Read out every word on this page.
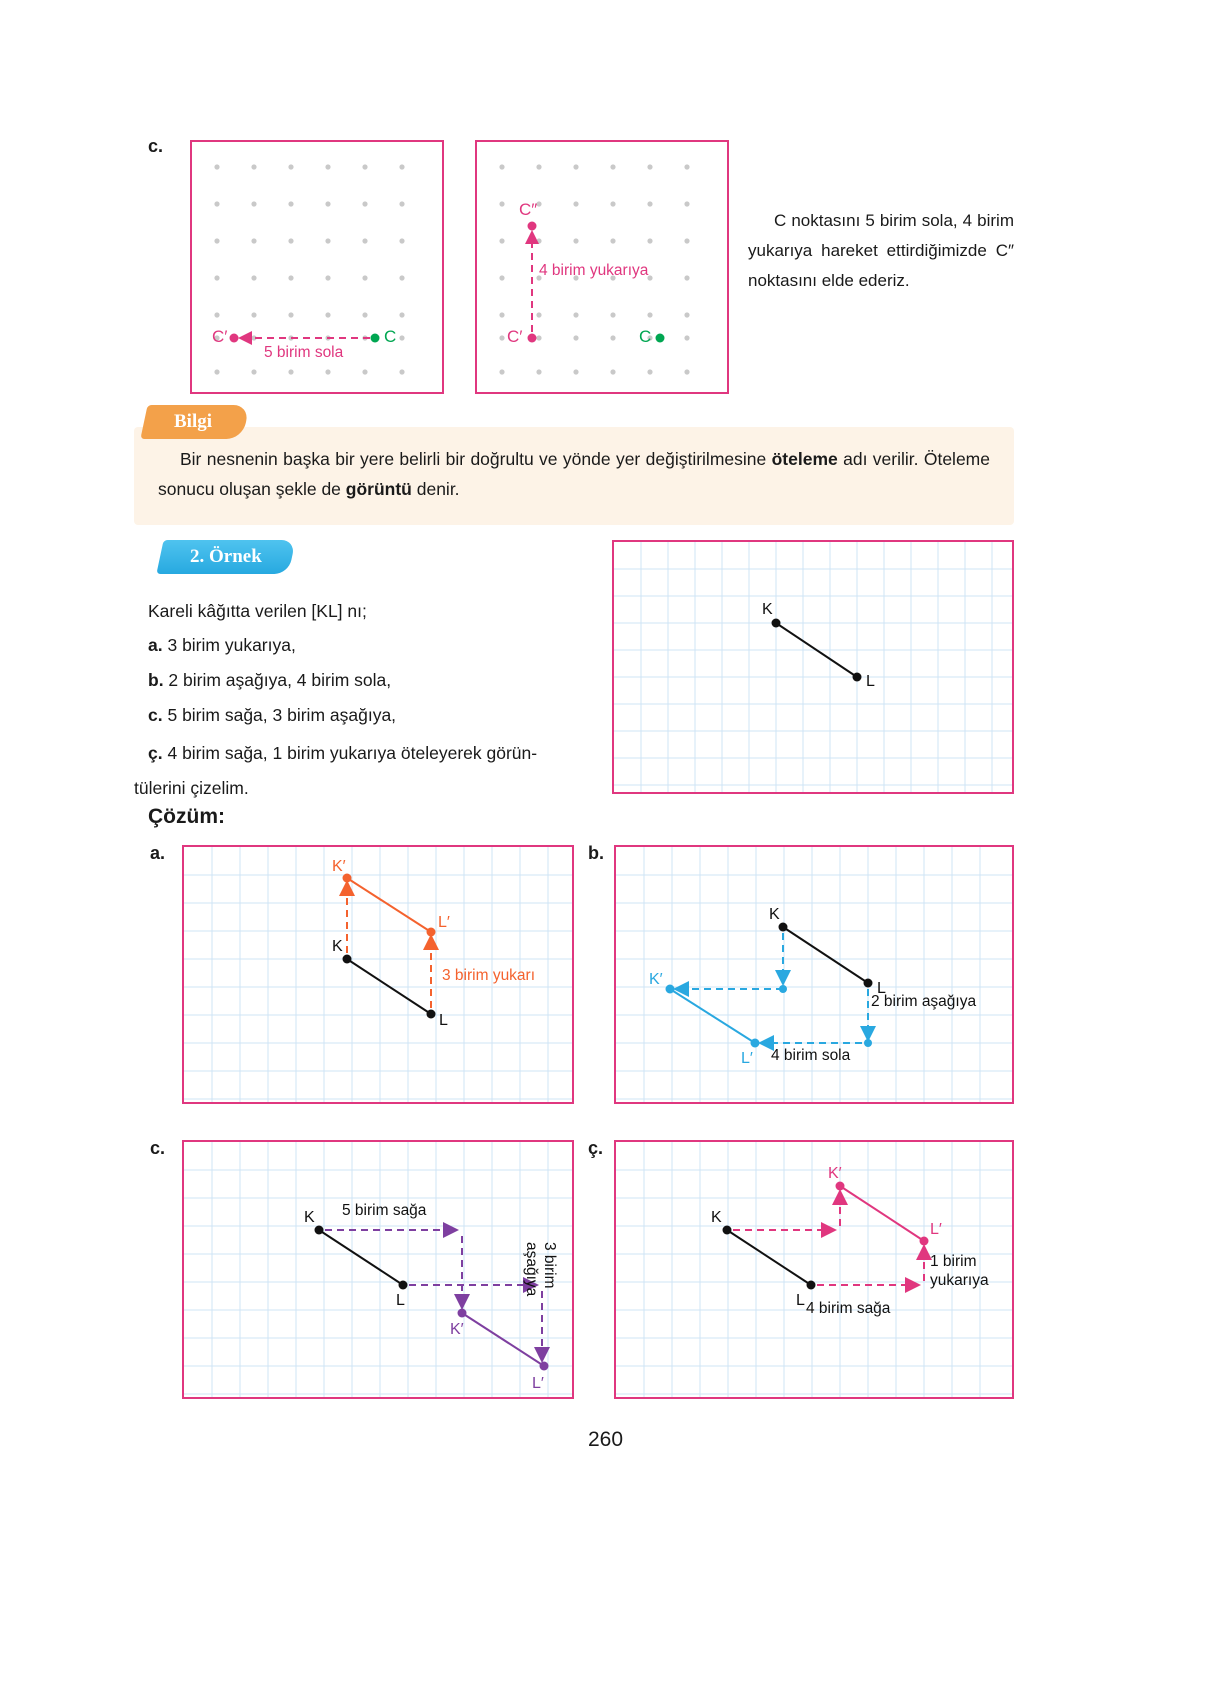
c.
C′	C
5 birim sola
C″
C′	C
4 birim yukarıya
C noktasını 5 birim sola, 4 birim yukarıya hareket ettirdiğimizde C″ noktasını elde ederiz.
Bilgi
Bir nesnenin başka bir yere belirli bir doğrultu ve yönde yer değiştirilmesine öteleme adı verilir. Öteleme sonucu oluşan şekle de görüntü denir.
2. Örnek
Kareli kâğıtta verilen [KL] nı;
a. 3 birim yukarıya,
b. 2 birim aşağıya, 4 birim sola,
c. 5 birim sağa, 3 birim aşağıya,
ç. 4 birim sağa, 1 birim yukarıya öteleyerek görün-
tülerini çizelim.
K
L
Çözüm:
a.
K
L
K′
L′
3 birim yukarı
b.
K
L
K′
L′
2 birim aşağıya
4 birim sola
c.
K
L
K′
L′
5 birim sağa
3 birim aşağıya
ç.
K
L
K′
L′
4 birim sağa
1 birim yukarıya
260
